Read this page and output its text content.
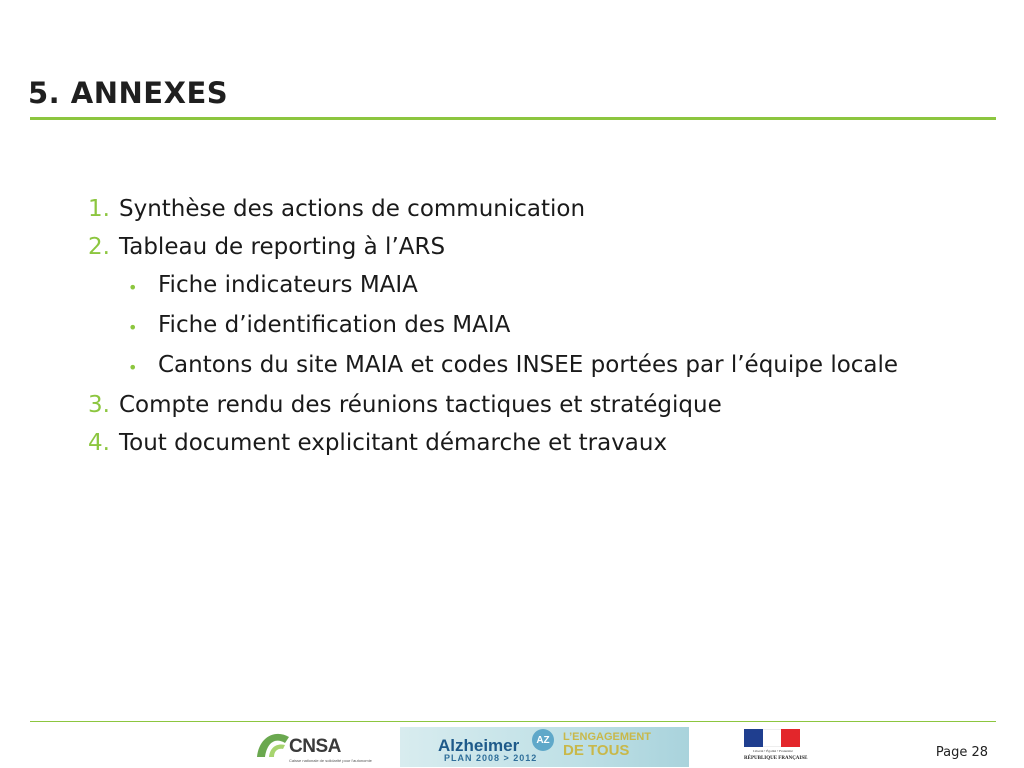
5. ANNEXES
1. Synthèse des actions de communication
2. Tableau de reporting à l’ARS
• Fiche indicateurs MAIA
• Fiche d’identification des MAIA
• Cantons du site MAIA et codes INSEE portées par l’équipe locale
3. Compte rendu des réunions tactiques et stratégique
4. Tout document explicitant démarche et travaux
CNSA
Caisse nationale de solidarité pour l'autonomie
Alzheimer
PLAN 2008 > 2012
AZ	L’ENGAGEMENT
DE TOUS	Liberté • Égalité • Fraternité
RÉPUBLIQUE FRANÇAISE	Page 28
